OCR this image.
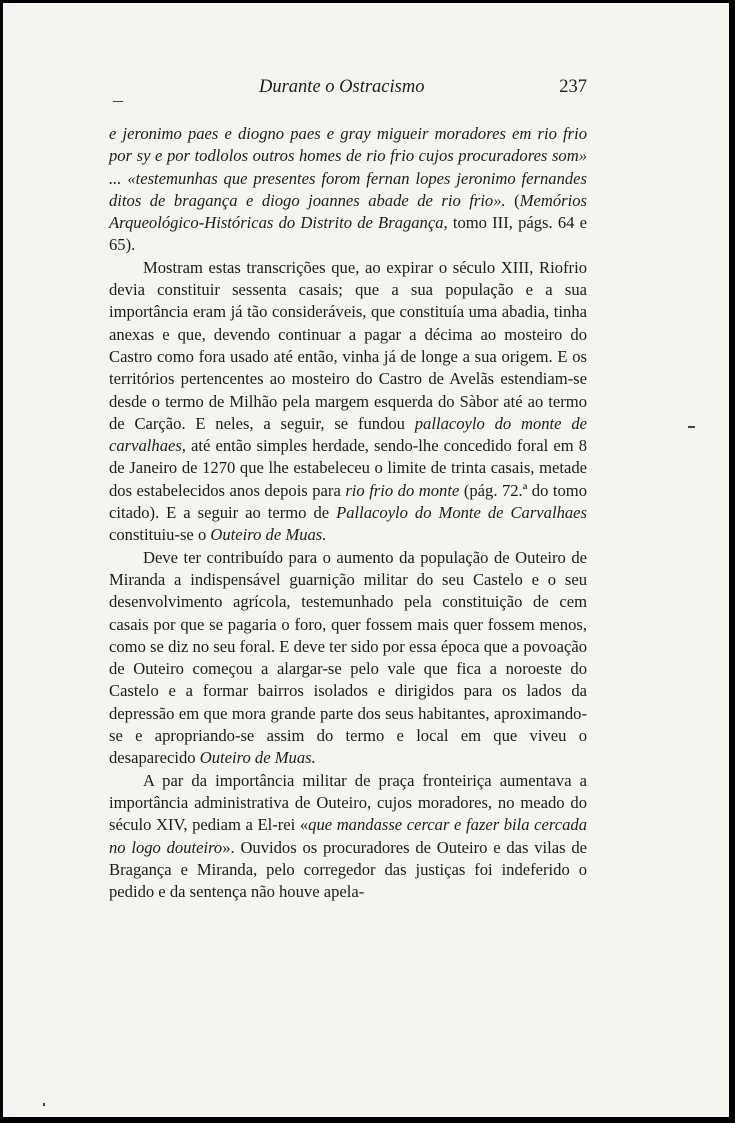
Durante o Ostracismo	237

e jeronimo paes e diogno paes e gray migueir moradores em rio frio por sy e por todlolos outros homes de rio frio cujos procuradores som» ... «testemunhas que presentes forom fernan lopes jeronimo fernandes ditos de bragança e diogo joannes abade de rio frio». (Memórios Arqueológico-Históricas do Distrito de Bragança, tomo III, págs. 64 e 65).

Mostram estas transcrições que, ao expirar o século XIII, Riofrio devia constituir sessenta casais; que a sua população e a sua importância eram já tão consideráveis, que constituía uma abadia, tinha anexas e que, devendo continuar a pagar a décima ao mosteiro do Castro como fora usado até então, vinha já de longe a sua origem. E os territórios pertencentes ao mosteiro do Castro de Avelãs estendiam-se desde o termo de Milhão pela margem esquerda do Sàbor até ao termo de Carção. E neles, a seguir, se fundou pallacoylo do monte de carvalhaes, até então simples herdade, sendo-lhe concedido foral em 8 de Janeiro de 1270 que lhe estabeleceu o limite de trinta casais, metade dos estabelecidos anos depois para rio frio do monte (pág. 72.ª do tomo citado). E a seguir ao termo de Pallacoylo do Monte de Carvalhaes constituiu-se o Outeiro de Muas.

Deve ter contribuído para o aumento da população de Outeiro de Miranda a indispensável guarnição militar do seu Castelo e o seu desenvolvimento agrícola, testemunhado pela constituição de cem casais por que se pagaria o foro, quer fossem mais quer fossem menos, como se diz no seu foral. E deve ter sido por essa época que a povoação de Outeiro começou a alargar-se pelo vale que fica a noroeste do Castelo e a formar bairros isolados e dirigidos para os lados da depressão em que mora grande parte dos seus habitantes, aproximando-se e apropriando-se assim do termo e local em que viveu o desaparecido Outeiro de Muas.

A par da importância militar de praça fronteiriça aumentava a importância administrativa de Outeiro, cujos moradores, no meado do século XIV, pediam a El-rei «que mandasse cercar e fazer bila cercada no logo douteiro». Ouvidos os procuradores de Outeiro e das vilas de Bragança e Miranda, pelo corregedor das justiças foi indeferido o pedido e da sentença não houve apela-
